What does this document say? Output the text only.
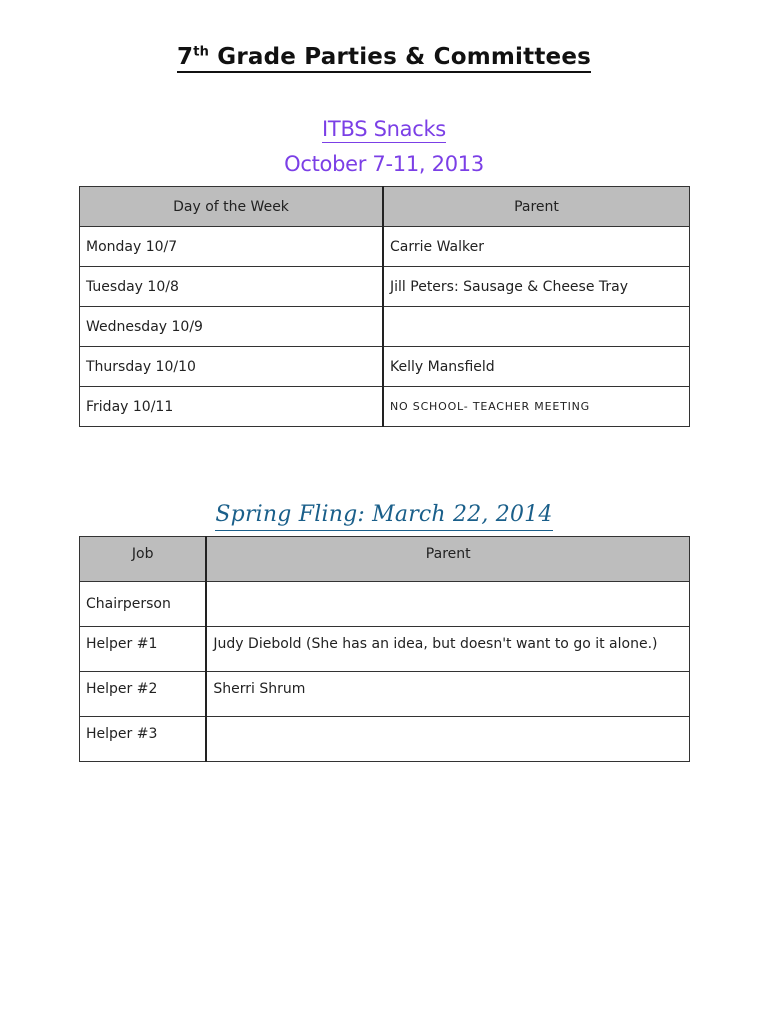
7th Grade Parties & Committees
ITBS Snacks
October 7-11, 2013
Day of the Week	Parent
Monday 10/7	Carrie Walker
Tuesday 10/8	Jill Peters: Sausage & Cheese Tray
Wednesday 10/9	
Thursday 10/10	Kelly Mansfield
Friday 10/11	NO SCHOOL- TEACHER MEETING
Spring Fling: March 22, 2014
Job	Parent
Chairperson	
Helper #1	Judy Diebold (She has an idea, but doesn't want to go it alone.)
Helper #2	Sherri Shrum
Helper #3	
